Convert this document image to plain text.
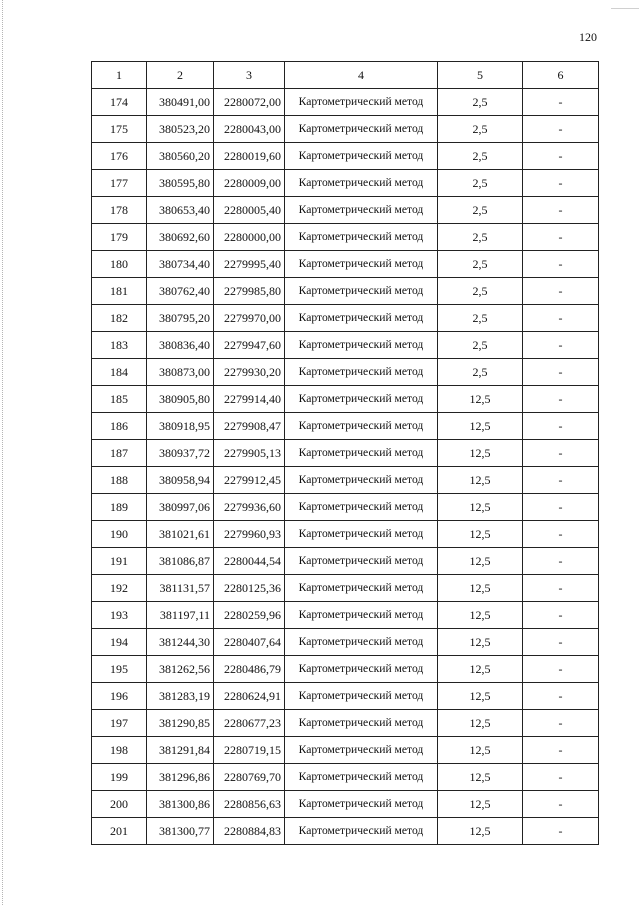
120
1	2	3	4	5	6
174	380491,00	2280072,00	Картометрический метод	2,5	-
175	380523,20	2280043,00	Картометрический метод	2,5	-
176	380560,20	2280019,60	Картометрический метод	2,5	-
177	380595,80	2280009,00	Картометрический метод	2,5	-
178	380653,40	2280005,40	Картометрический метод	2,5	-
179	380692,60	2280000,00	Картометрический метод	2,5	-
180	380734,40	2279995,40	Картометрический метод	2,5	-
181	380762,40	2279985,80	Картометрический метод	2,5	-
182	380795,20	2279970,00	Картометрический метод	2,5	-
183	380836,40	2279947,60	Картометрический метод	2,5	-
184	380873,00	2279930,20	Картометрический метод	2,5	-
185	380905,80	2279914,40	Картометрический метод	12,5	-
186	380918,95	2279908,47	Картометрический метод	12,5	-
187	380937,72	2279905,13	Картометрический метод	12,5	-
188	380958,94	2279912,45	Картометрический метод	12,5	-
189	380997,06	2279936,60	Картометрический метод	12,5	-
190	381021,61	2279960,93	Картометрический метод	12,5	-
191	381086,87	2280044,54	Картометрический метод	12,5	-
192	381131,57	2280125,36	Картометрический метод	12,5	-
193	381197,11	2280259,96	Картометрический метод	12,5	-
194	381244,30	2280407,64	Картометрический метод	12,5	-
195	381262,56	2280486,79	Картометрический метод	12,5	-
196	381283,19	2280624,91	Картометрический метод	12,5	-
197	381290,85	2280677,23	Картометрический метод	12,5	-
198	381291,84	2280719,15	Картометрический метод	12,5	-
199	381296,86	2280769,70	Картометрический метод	12,5	-
200	381300,86	2280856,63	Картометрический метод	12,5	-
201	381300,77	2280884,83	Картометрический метод	12,5	-
